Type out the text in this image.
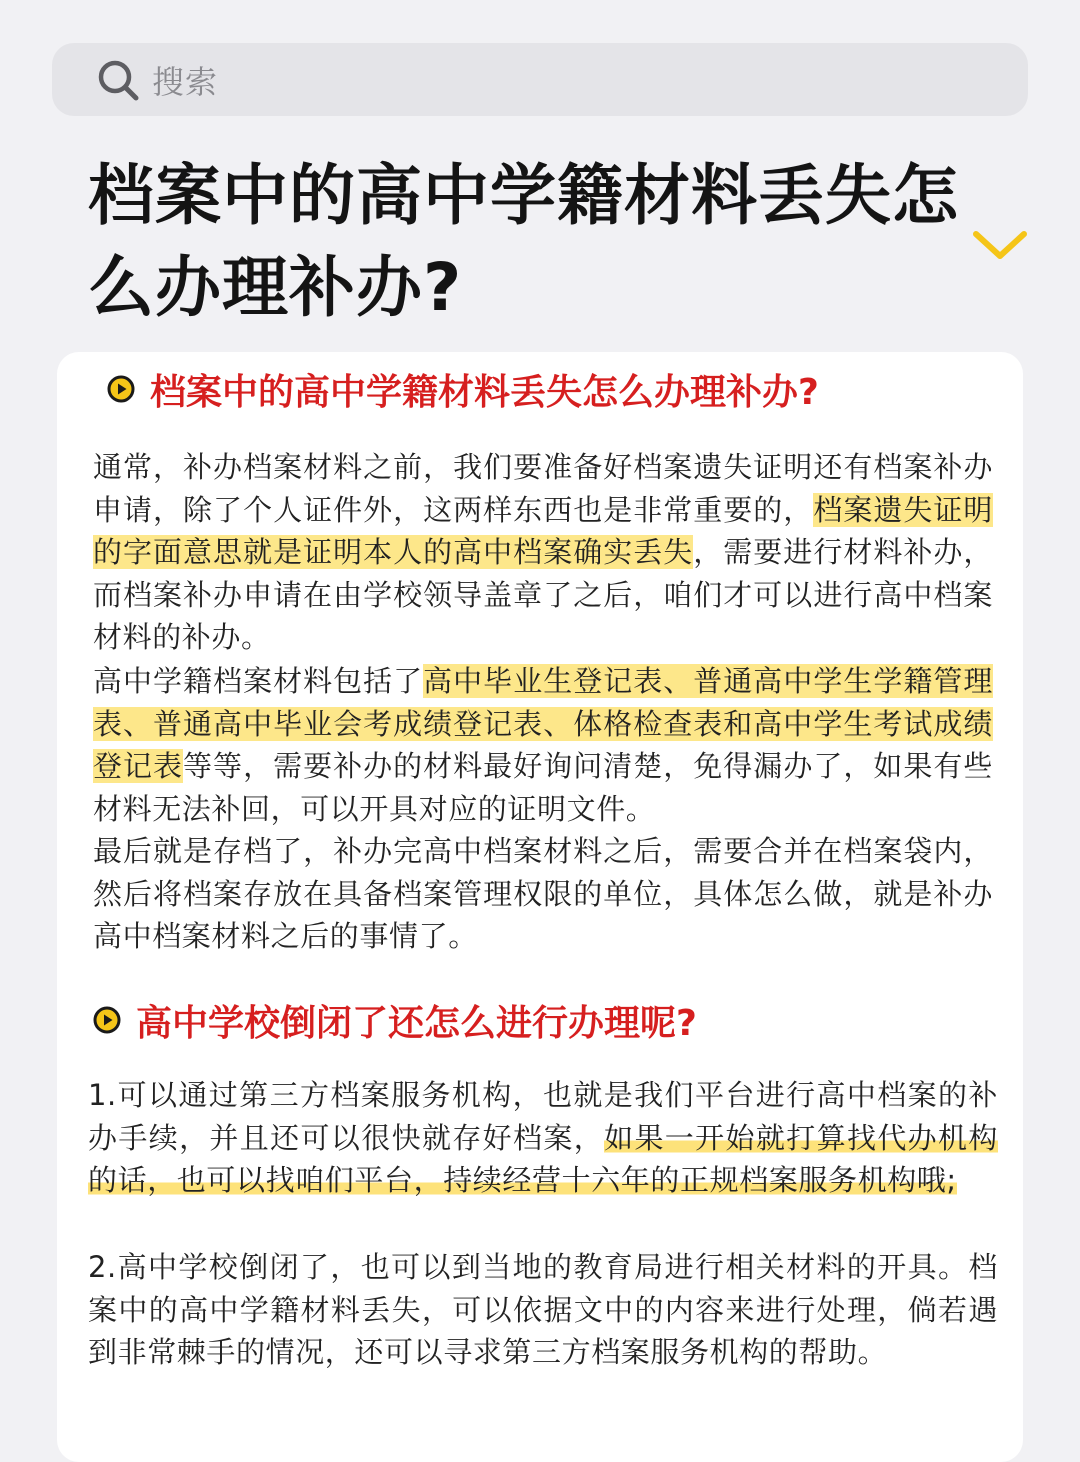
搜索
档案中的高中学籍材料丢失怎么办理补办?
档案中的高中学籍材料丢失怎么办理补办?
通常，补办档案材料之前，我们要准备好档案遗失证明还有档案补办申请，除了个人证件外，这两样东西也是非常重要的，档案遗失证明的字面意思就是证明本人的高中档案确实丢失，需要进行材料补办，而档案补办申请在由学校领导盖章了之后，咱们才可以进行高中档案材料的补办。
高中学籍档案材料包括了高中毕业生登记表、普通高中学生学籍管理表、普通高中毕业会考成绩登记表、体格检查表和高中学生考试成绩登记表等等，需要补办的材料最好询问清楚，免得漏办了，如果有些材料无法补回，可以开具对应的证明文件。
最后就是存档了，补办完高中档案材料之后，需要合并在档案袋内，然后将档案存放在具备档案管理权限的单位，具体怎么做，就是补办高中档案材料之后的事情了。
高中学校倒闭了还怎么进行办理呢?
1.可以通过第三方档案服务机构，也就是我们平台进行高中档案的补办手续，并且还可以很快就存好档案，如果一开始就打算找代办机构的话，也可以找咱们平台，持续经营十六年的正规档案服务机构哦;
2.高中学校倒闭了，也可以到当地的教育局进行相关材料的开具。档案中的高中学籍材料丢失，可以依据文中的内容来进行处理，倘若遇到非常棘手的情况，还可以寻求第三方档案服务机构的帮助。
